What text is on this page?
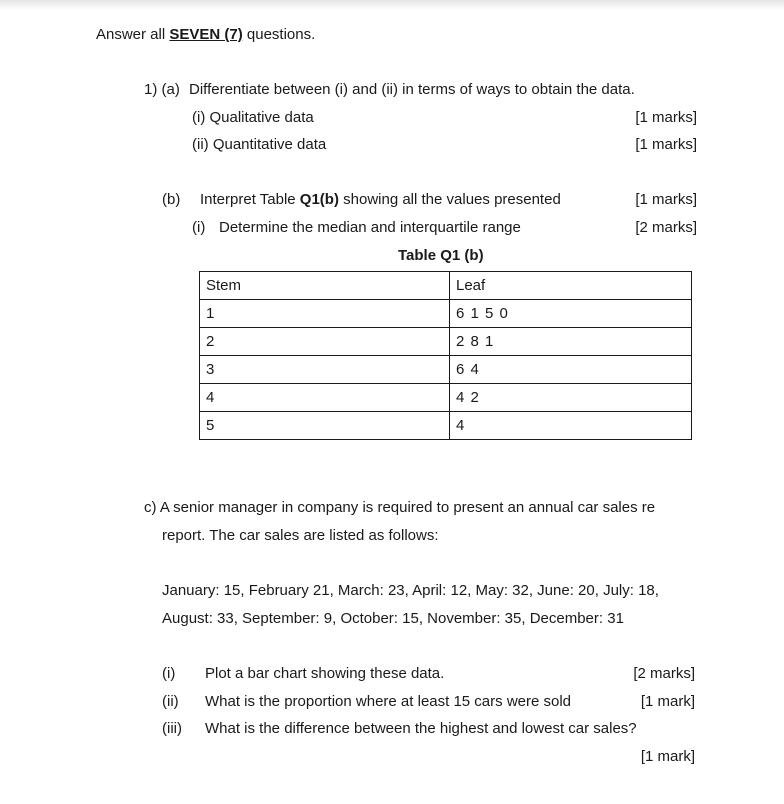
Answer all SEVEN (7) questions.
1) (a) Differentiate between (i) and (ii) in terms of ways to obtain the data.
(i) Qualitative data	[1 marks]
(ii) Quantitative data	[1 marks]
(b) Interpret Table Q1(b) showing all the values presented	[1 marks]
(i) Determine the median and interquartile range	[2 marks]
Table Q1 (b)
Stem	Leaf
1	6 1 5 0
2	2 8 1
3	6 4
4	4 2
5	4
c) A senior manager in company is required to present an annual car sales re
report. The car sales are listed as follows:
January: 15, February 21, March: 23, April: 12, May: 32, June: 20, July: 18,
August: 33, September: 9, October: 15, November: 35, December: 31
(i) Plot a bar chart showing these data.	[2 marks]
(ii) What is the proportion where at least 15 cars were sold	[1 mark]
(iii) What is the difference between the highest and lowest car sales?
[1 mark]
